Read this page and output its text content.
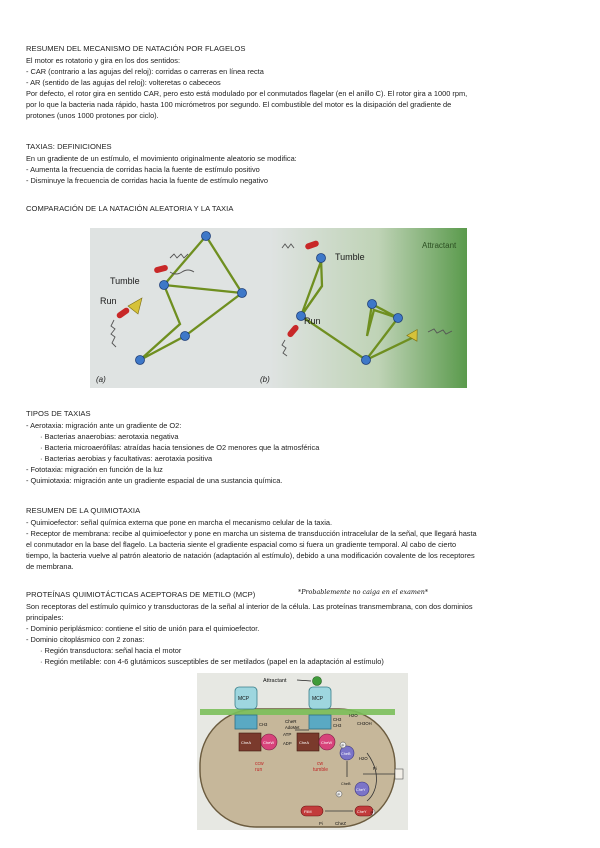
RESUMEN DEL MECANISMO DE NATACIÓN POR FLAGELOS
El motor es rotatorio y gira en los dos sentidos:
- CAR (contrario a las agujas del reloj): corridas o carreras en línea recta
- AR (sentido de las agujas del reloj): volteretas o cabeceos
Por defecto, el rotor gira en sentido CAR, pero esto está modulado por el conmutados flagelar (en el anillo C). El rotor gira a 1000 rpm,
por lo que la bacteria nada rápido, hasta 100 micrómetros por segundo. El combustible del motor es la disipación del gradiente de
protones (unos 1000 protones por ciclo).
TAXIAS: DEFINICIONES
En un gradiente de un estímulo, el movimiento originalmente aleatorio se modifica:
- Aumenta la frecuencia de corridas hacia la fuente de estímulo positivo
- Disminuye la frecuencia de corridas hacia la fuente de estímulo negativo
COMPARACIÓN DE LA NATACIÓN ALEATORIA Y LA TAXIA
Tumble
Run
Tumble
Run
Attractant
(a)	(b)
TIPOS DE TAXIAS
- Aerotaxia: migración ante un gradiente de O2:
· Bacterias anaerobias: aerotaxia negativa
· Bacteria microaerófilas: atraídas hacia tensiones de O2 menores que la atmosférica
· Bacterias aerobias y facultativas: aerotaxia positiva
- Fototaxia: migración en función de la luz
- Quimiotaxia: migración ante un gradiente espacial de una sustancia química.
RESUMEN DE LA QUIMIOTAXIA
- Quimioefector: señal química externa que pone en marcha el mecanismo celular de la taxia.
- Receptor de membrana: recibe al quimioefector y pone en marcha un sistema de transducción intracelular de la señal, que llegará hasta
el conmutador en la base del flagelo. La bacteria siente el gradiente espacial como si fuera un gradiente temporal. Al cabo de cierto
tiempo, la bacteria vuelve al patrón aleatorio de natación (adaptación al estímulo), debido a una modificación covalente de los receptores
de membrana.
PROTEÍNAS QUIMIOTÁCTICAS ACEPTORAS DE METILO (MCP)	*Probablemente no caiga en el examen*
Son receptoras del estímulo químico y transductoras de la señal al interior de la célula. Las proteínas transmembrana, con dos dominios
principales:
- Dominio periplásmico: contiene el sitio de unión para el quimioefector.
- Dominio citoplásmico con 2 zonas:
· Región transductora: señal hacia el motor
· Región metilable: con 4-6 glutámicos susceptibles de ser metilados (papel en la adaptación al estímulo)
Attractant
MCP	MCP
CheR
AdoMet
CH3
CH3
CH3	CH3OH
H2O
H2O
ATP
ADP
ccw
run
cw
tumble
CheA	CheW	CheA	CheW
CheB
CheB
CheY
CheY
FliM
CheZ
Pi
Pi
P
P
P
